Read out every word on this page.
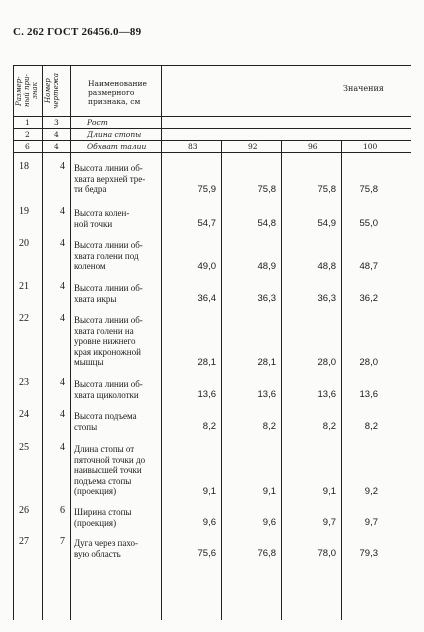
С. 262 ГОСТ 26456.0—89
Размер-ный при-знак Номер чертежа	Наименование размерного признака, см
Значения
1	3	Рост
2	4	Длина стопы
6	4	Обхват талии	83	92	96	100
18	4 Высота линии об-
хвата верхней тре-
ти бедра	75,9	75,8	75,8	75,8
19	4 Высота колен-
ной точки	54,7	54,8	54,9	55,0
20	4 Высота линии об-
хвата голени под
коленом	49,0	48,9	48,8	48,7
21	4 Высота линии об-
хвата икры	36,4	36,3	36,3	36,2
22	4 Высота линии об-
хвата голени на
уровне нижнего
края икроножной
мышцы	28,1	28,1	28,0	28,0
23	4 Высота линии об-
хвата щиколотки	13,6	13,6	13,6	13,6
24	4 Высота подъема
стопы	8,2	8,2	8,2	8,2
25	4 Длина стопы от
пяточной точки до
наивысшей точки
подъема стопы
(проекция)	9,1	9,1	9,1	9,2
26	6 Ширина стопы
(проекция)	9,6	9,6	9,7	9,7
27	7 Дуга через пахо-
вую область	75,6	76,8	78,0	79,3
